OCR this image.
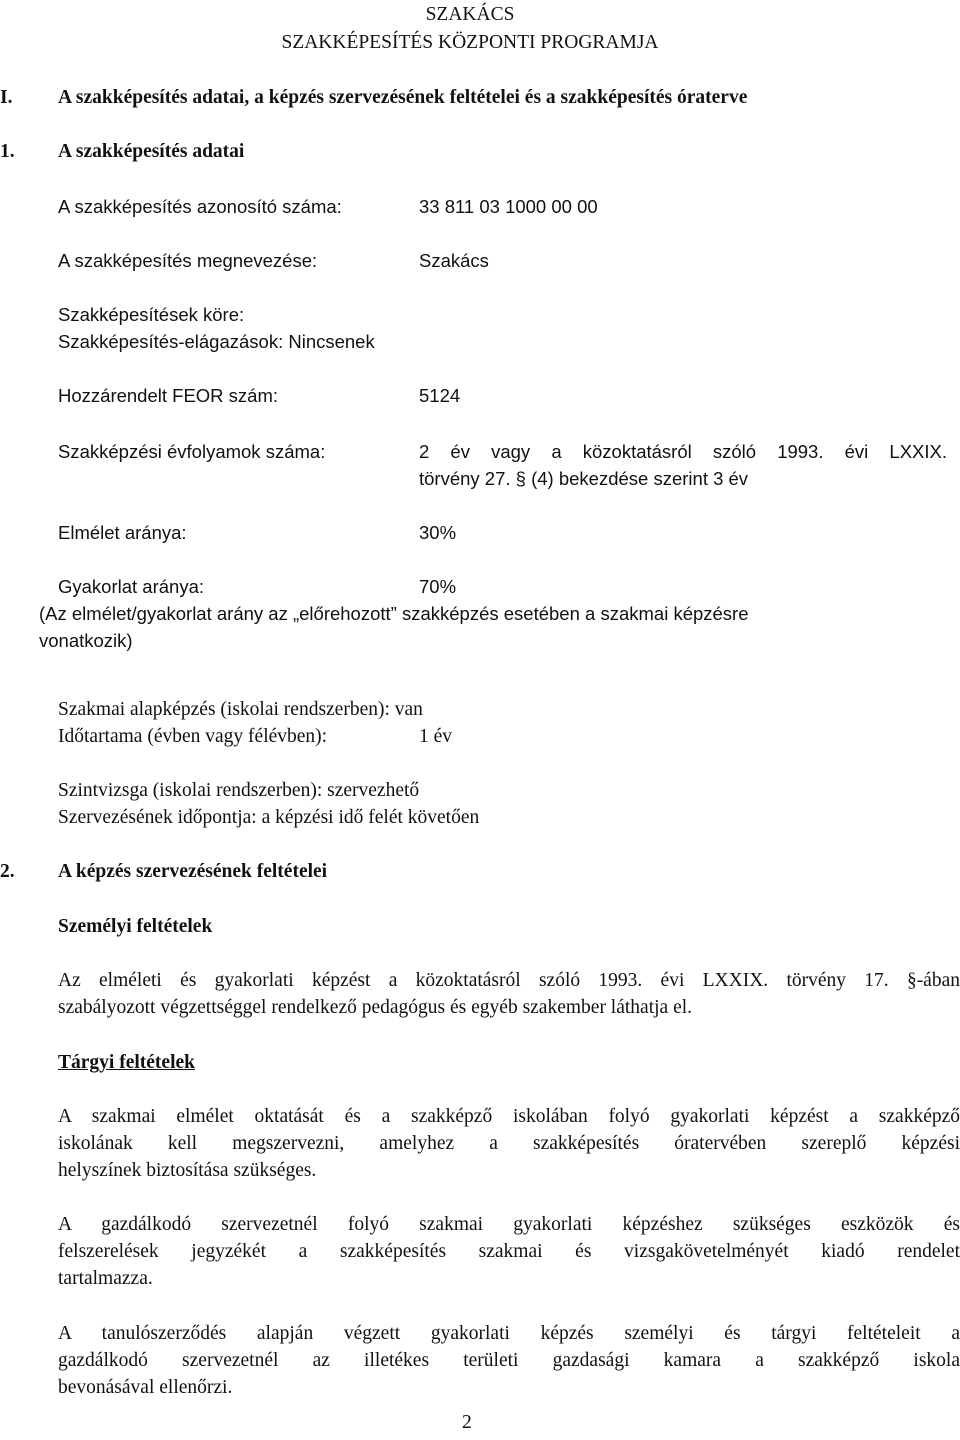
SZAKÁCS
SZAKKÉPESÍTÉS KÖZPONTI PROGRAMJA
I. A szakképesítés adatai, a képzés szervezésének feltételei és a szakképesítés óraterve
1. A szakképesítés adatai
A szakképesítés azonosító száma:	33 811 03 1000 00 00
A szakképesítés megnevezése:	Szakács
Szakképesítések köre:
Szakképesítés-elágazások: Nincsenek
Hozzárendelt FEOR szám:	5124
Szakképzési évfolyamok száma:	2 év vagy a közoktatásról szóló 1993. évi LXXIX.
törvény 27. § (4) bekezdése szerint 3 év
Elmélet aránya:	30%
Gyakorlat aránya:	70%
(Az elmélet/gyakorlat arány az „előrehozott” szakképzés esetében a szakmai képzésre
vonatkozik)
Szakmai alapképzés (iskolai rendszerben): van
Időtartama (évben vagy félévben):	1 év
Szintvizsga (iskolai rendszerben): szervezhető
Szervezésének időpontja: a képzési idő felét követően
2. A képzés szervezésének feltételei
Személyi feltételek
Az elméleti és gyakorlati képzést a közoktatásról szóló 1993. évi LXXIX. törvény 17. §-ában
szabályozott végzettséggel rendelkező pedagógus és egyéb szakember láthatja el.
Tárgyi feltételek
A szakmai elmélet oktatását és a szakképző iskolában folyó gyakorlati képzést a szakképző
iskolának kell megszervezni, amelyhez a szakképesítés óratervében szereplő képzési
helyszínek biztosítása szükséges.
A gazdálkodó szervezetnél folyó szakmai gyakorlati képzéshez szükséges eszközök és
felszerelések jegyzékét a szakképesítés szakmai és vizsgakövetelményét kiadó rendelet
tartalmazza.
A tanulószerződés alapján végzett gyakorlati képzés személyi és tárgyi feltételeit a
gazdálkodó szervezetnél az illetékes területi gazdasági kamara a szakképző iskola
bevonásával ellenőrzi.
2
